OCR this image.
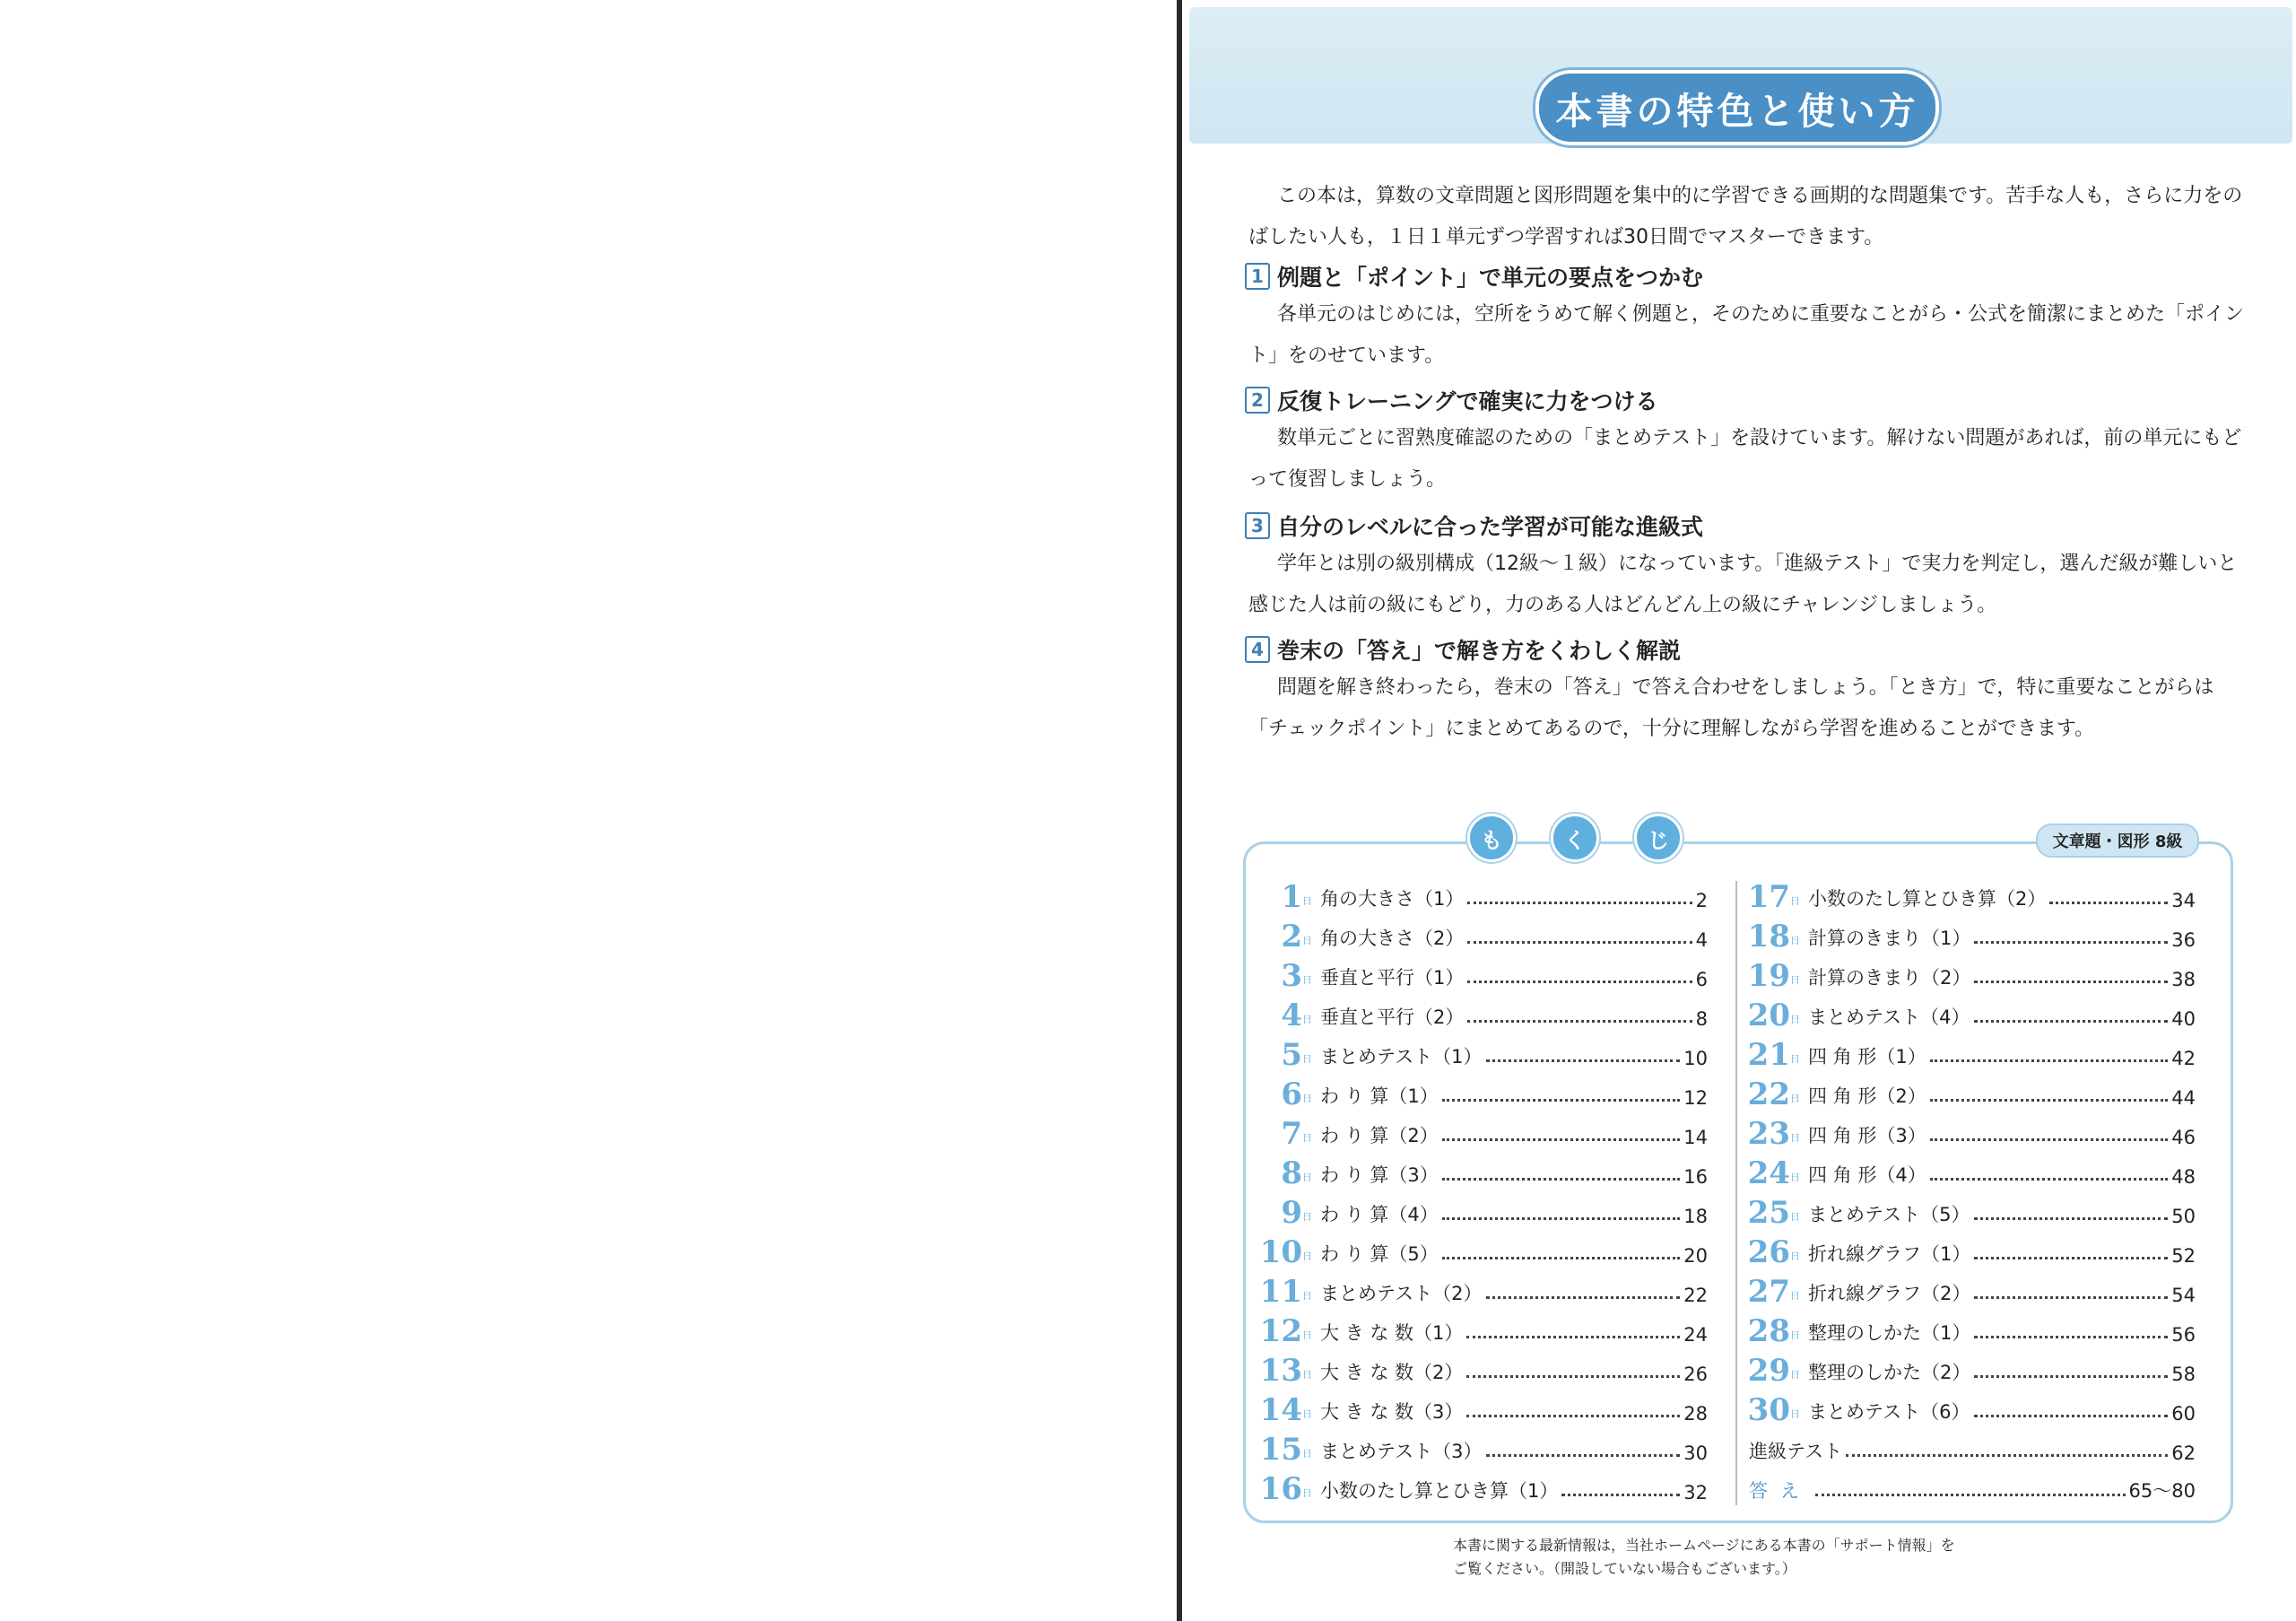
本書の特色と使い方
この本は，算数の文章問題と図形問題を集中的に学習できる画期的な問題集です。苦手な人も，さらに力をのばしたい人も，１日１単元ずつ学習すれば30日間でマスターできます。
1 例題と「ポイント」で単元の要点をつかむ
各単元のはじめには，空所をうめて解く例題と，そのために重要なことがら・公式を簡潔にまとめた「ポイント」をのせています。
2 反復トレーニングで確実に力をつける
数単元ごとに習熟度確認のための「まとめテスト」を設けています。解けない問題があれば，前の単元にもどって復習しましょう。
3 自分のレベルに合った学習が可能な進級式
学年とは別の級別構成（12級～１級）になっています。「進級テスト」で実力を判定し，選んだ級が難しいと感じた人は前の級にもどり，力のある人はどんどん上の級にチャレンジしましょう。
4 巻末の「答え」で解き方をくわしく解説
問題を解き終わったら，巻末の「答え」で答え合わせをしましょう。「とき方」で，特に重要なことがらは「チェックポイント」にまとめてあるので，十分に理解しながら学習を進めることができます。
も	く	じ	文章題・図形 8級
1 日 角の大きさ（1）	2
2 日 角の大きさ（2）	4
3 日 垂直と平行（1）	6
4 日 垂直と平行（2）	8
5 日 まとめテスト（1）	10
6 日 わ り 算（1）	12
7 日 わ り 算（2）	14
8 日 わ り 算（3）	16
9 日 わ り 算（4）	18
10 日 わ り 算（5）	20
11 日 まとめテスト（2）	22
12 日 大 き な 数（1）	24
13 日 大 き な 数（2）	26
14 日 大 き な 数（3）	28
15 日 まとめテスト（3）	30
16 日 小数のたし算とひき算（1）	32
17 日 小数のたし算とひき算（2）	34
18 日 計算のきまり（1）	36
19 日 計算のきまり（2）	38
20 日 まとめテスト（4）	40
21 日 四 角 形（1）	42
22 日 四 角 形（2）	44
23 日 四 角 形（3）	46
24 日 四 角 形（4）	48
25 日 まとめテスト（5）	50
26 日 折れ線グラフ（1）	52
27 日 折れ線グラフ（2）	54
28 日 整理のしかた（1）	56
29 日 整理のしかた（2）	58
30 日 まとめテスト（6）	60
進級テスト	62
答え	65～80
本書に関する最新情報は，当社ホームページにある本書の「サポート情報」を
ご覧ください。（開設していない場合もございます。）
